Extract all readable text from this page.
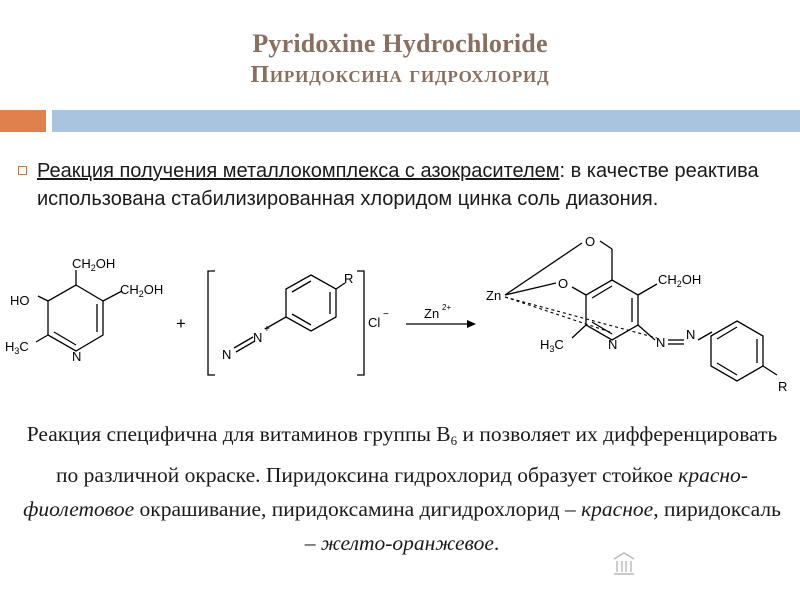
Pyridoxine Hydrochloride
Пиридоксина гидрохлорид
Реакция получения металлокомплекса с азокрасителем: в качестве реактива использована стабилизированная хлоридом цинка соль диазония.
HO
$CH_2OH$
$CH_2OH$
$H_3C$
N
+
R
Cl
−
N
+
N
Zn 2+
O
O
Zn
$CH_2OH$
$H_3C$	N	N
N
R
Реакция специфична для витаминов группы $В_6$ и позволяет их дифференцировать по различной окраске. Пиридоксина гидрохлорид образует стойкое красно-фиолетовое окрашивание, пиридоксамина дигидрохлорид – красное, пиридоксаль – желто-оранжевое.
